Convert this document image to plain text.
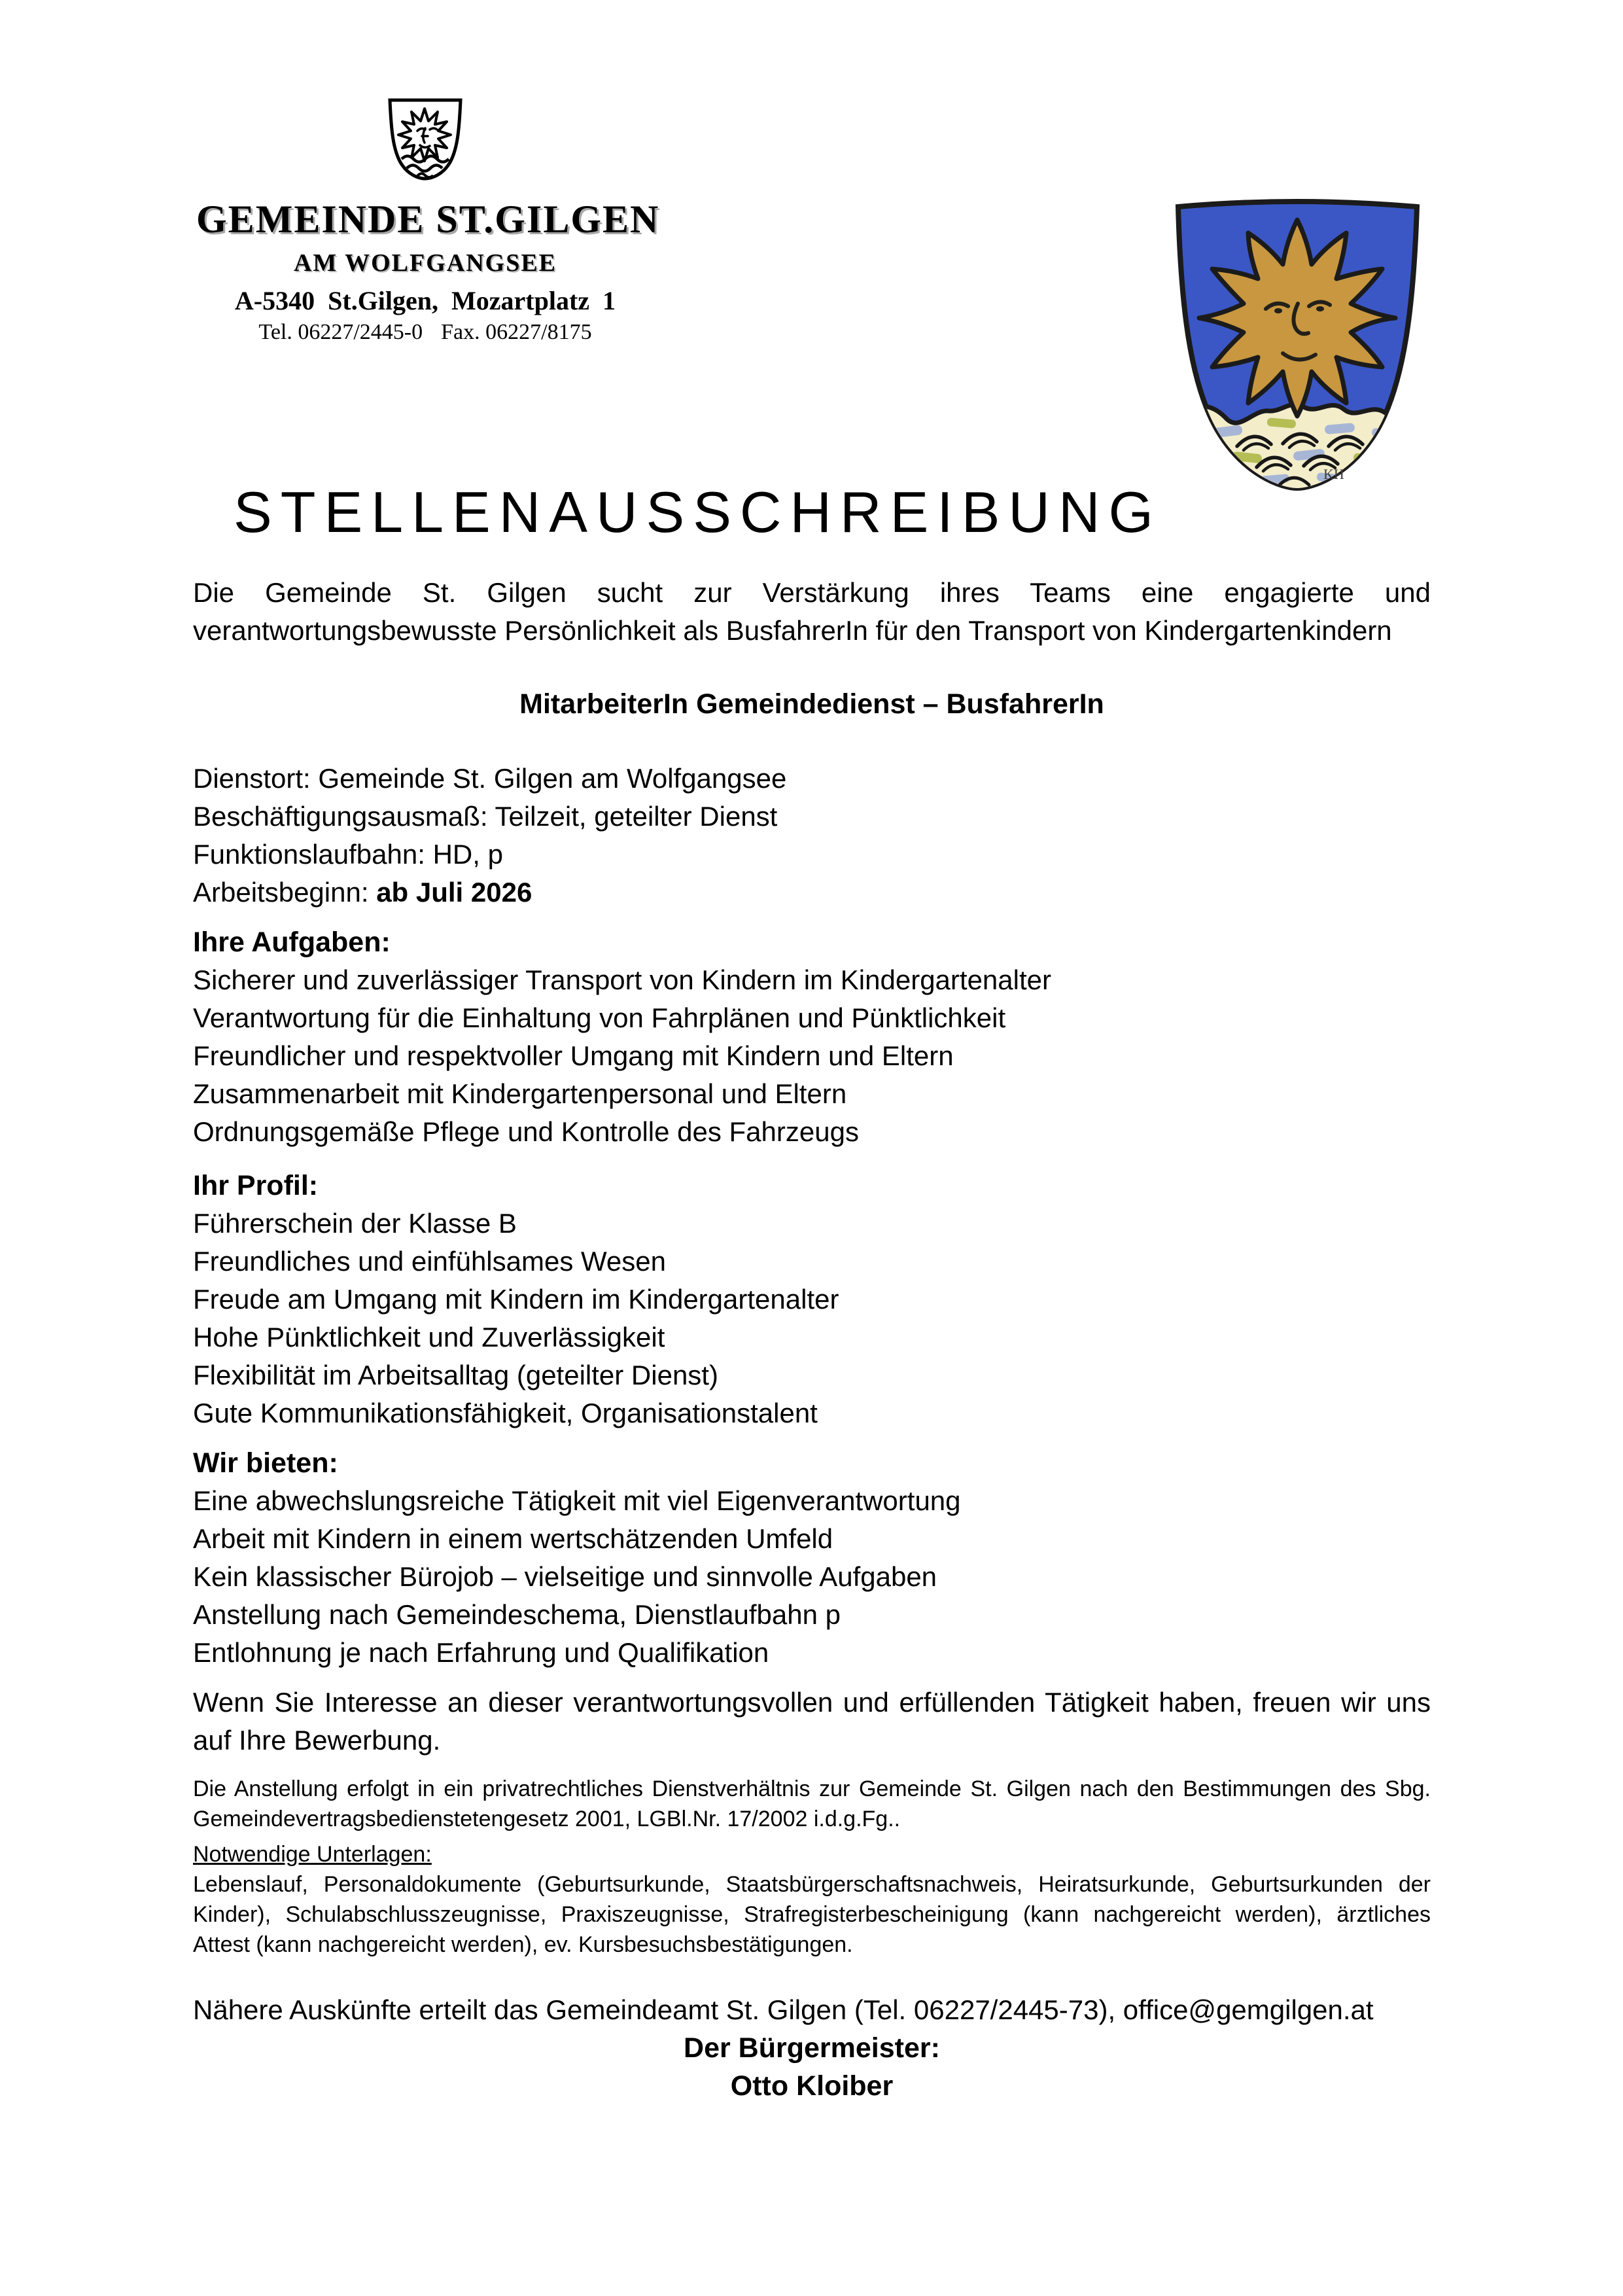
GEMEINDE ST.GILGEN
AM WOLFGANGSEE
A-5340 St.Gilgen, Mozartplatz 1
Tel. 06227/2445-0 Fax. 06227/8175
KH
STELLENAUSSCHREIBUNG
Die Gemeinde St. Gilgen sucht zur Verstärkung ihres Teams eine engagierte und verantwortungsbewusste Persönlichkeit als BusfahrerIn für den Transport von Kindergartenkindern
MitarbeiterIn Gemeindedienst – BusfahrerIn
Dienstort: Gemeinde St. Gilgen am Wolfgangsee
Beschäftigungsausmaß: Teilzeit, geteilter Dienst
Funktionslaufbahn: HD, p
Arbeitsbeginn: ab Juli 2026
Ihre Aufgaben:
Sicherer und zuverlässiger Transport von Kindern im Kindergartenalter
Verantwortung für die Einhaltung von Fahrplänen und Pünktlichkeit
Freundlicher und respektvoller Umgang mit Kindern und Eltern
Zusammenarbeit mit Kindergartenpersonal und Eltern
Ordnungsgemäße Pflege und Kontrolle des Fahrzeugs
Ihr Profil:
Führerschein der Klasse B
Freundliches und einfühlsames Wesen
Freude am Umgang mit Kindern im Kindergartenalter
Hohe Pünktlichkeit und Zuverlässigkeit
Flexibilität im Arbeitsalltag (geteilter Dienst)
Gute Kommunikationsfähigkeit, Organisationstalent
Wir bieten:
Eine abwechslungsreiche Tätigkeit mit viel Eigenverantwortung
Arbeit mit Kindern in einem wertschätzenden Umfeld
Kein klassischer Bürojob – vielseitige und sinnvolle Aufgaben
Anstellung nach Gemeindeschema, Dienstlaufbahn p
Entlohnung je nach Erfahrung und Qualifikation
Wenn Sie Interesse an dieser verantwortungsvollen und erfüllenden Tätigkeit haben, freuen wir uns auf Ihre Bewerbung.
Die Anstellung erfolgt in ein privatrechtliches Dienstverhältnis zur Gemeinde St. Gilgen nach den Bestimmungen des Sbg. Gemeindevertragsbedienstetengesetz 2001, LGBl.Nr. 17/2002 i.d.g.Fg..
Notwendige Unterlagen:
Lebenslauf, Personaldokumente (Geburtsurkunde, Staatsbürgerschaftsnachweis, Heiratsurkunde, Geburtsurkunden der Kinder), Schulabschlusszeugnisse, Praxiszeugnisse, Strafregisterbescheinigung (kann nachgereicht werden), ärztliches Attest (kann nachgereicht werden), ev. Kursbesuchsbestätigungen.
Nähere Auskünfte erteilt das Gemeindeamt St. Gilgen (Tel. 06227/2445-73), office@gemgilgen.at
Der Bürgermeister:
Otto Kloiber
